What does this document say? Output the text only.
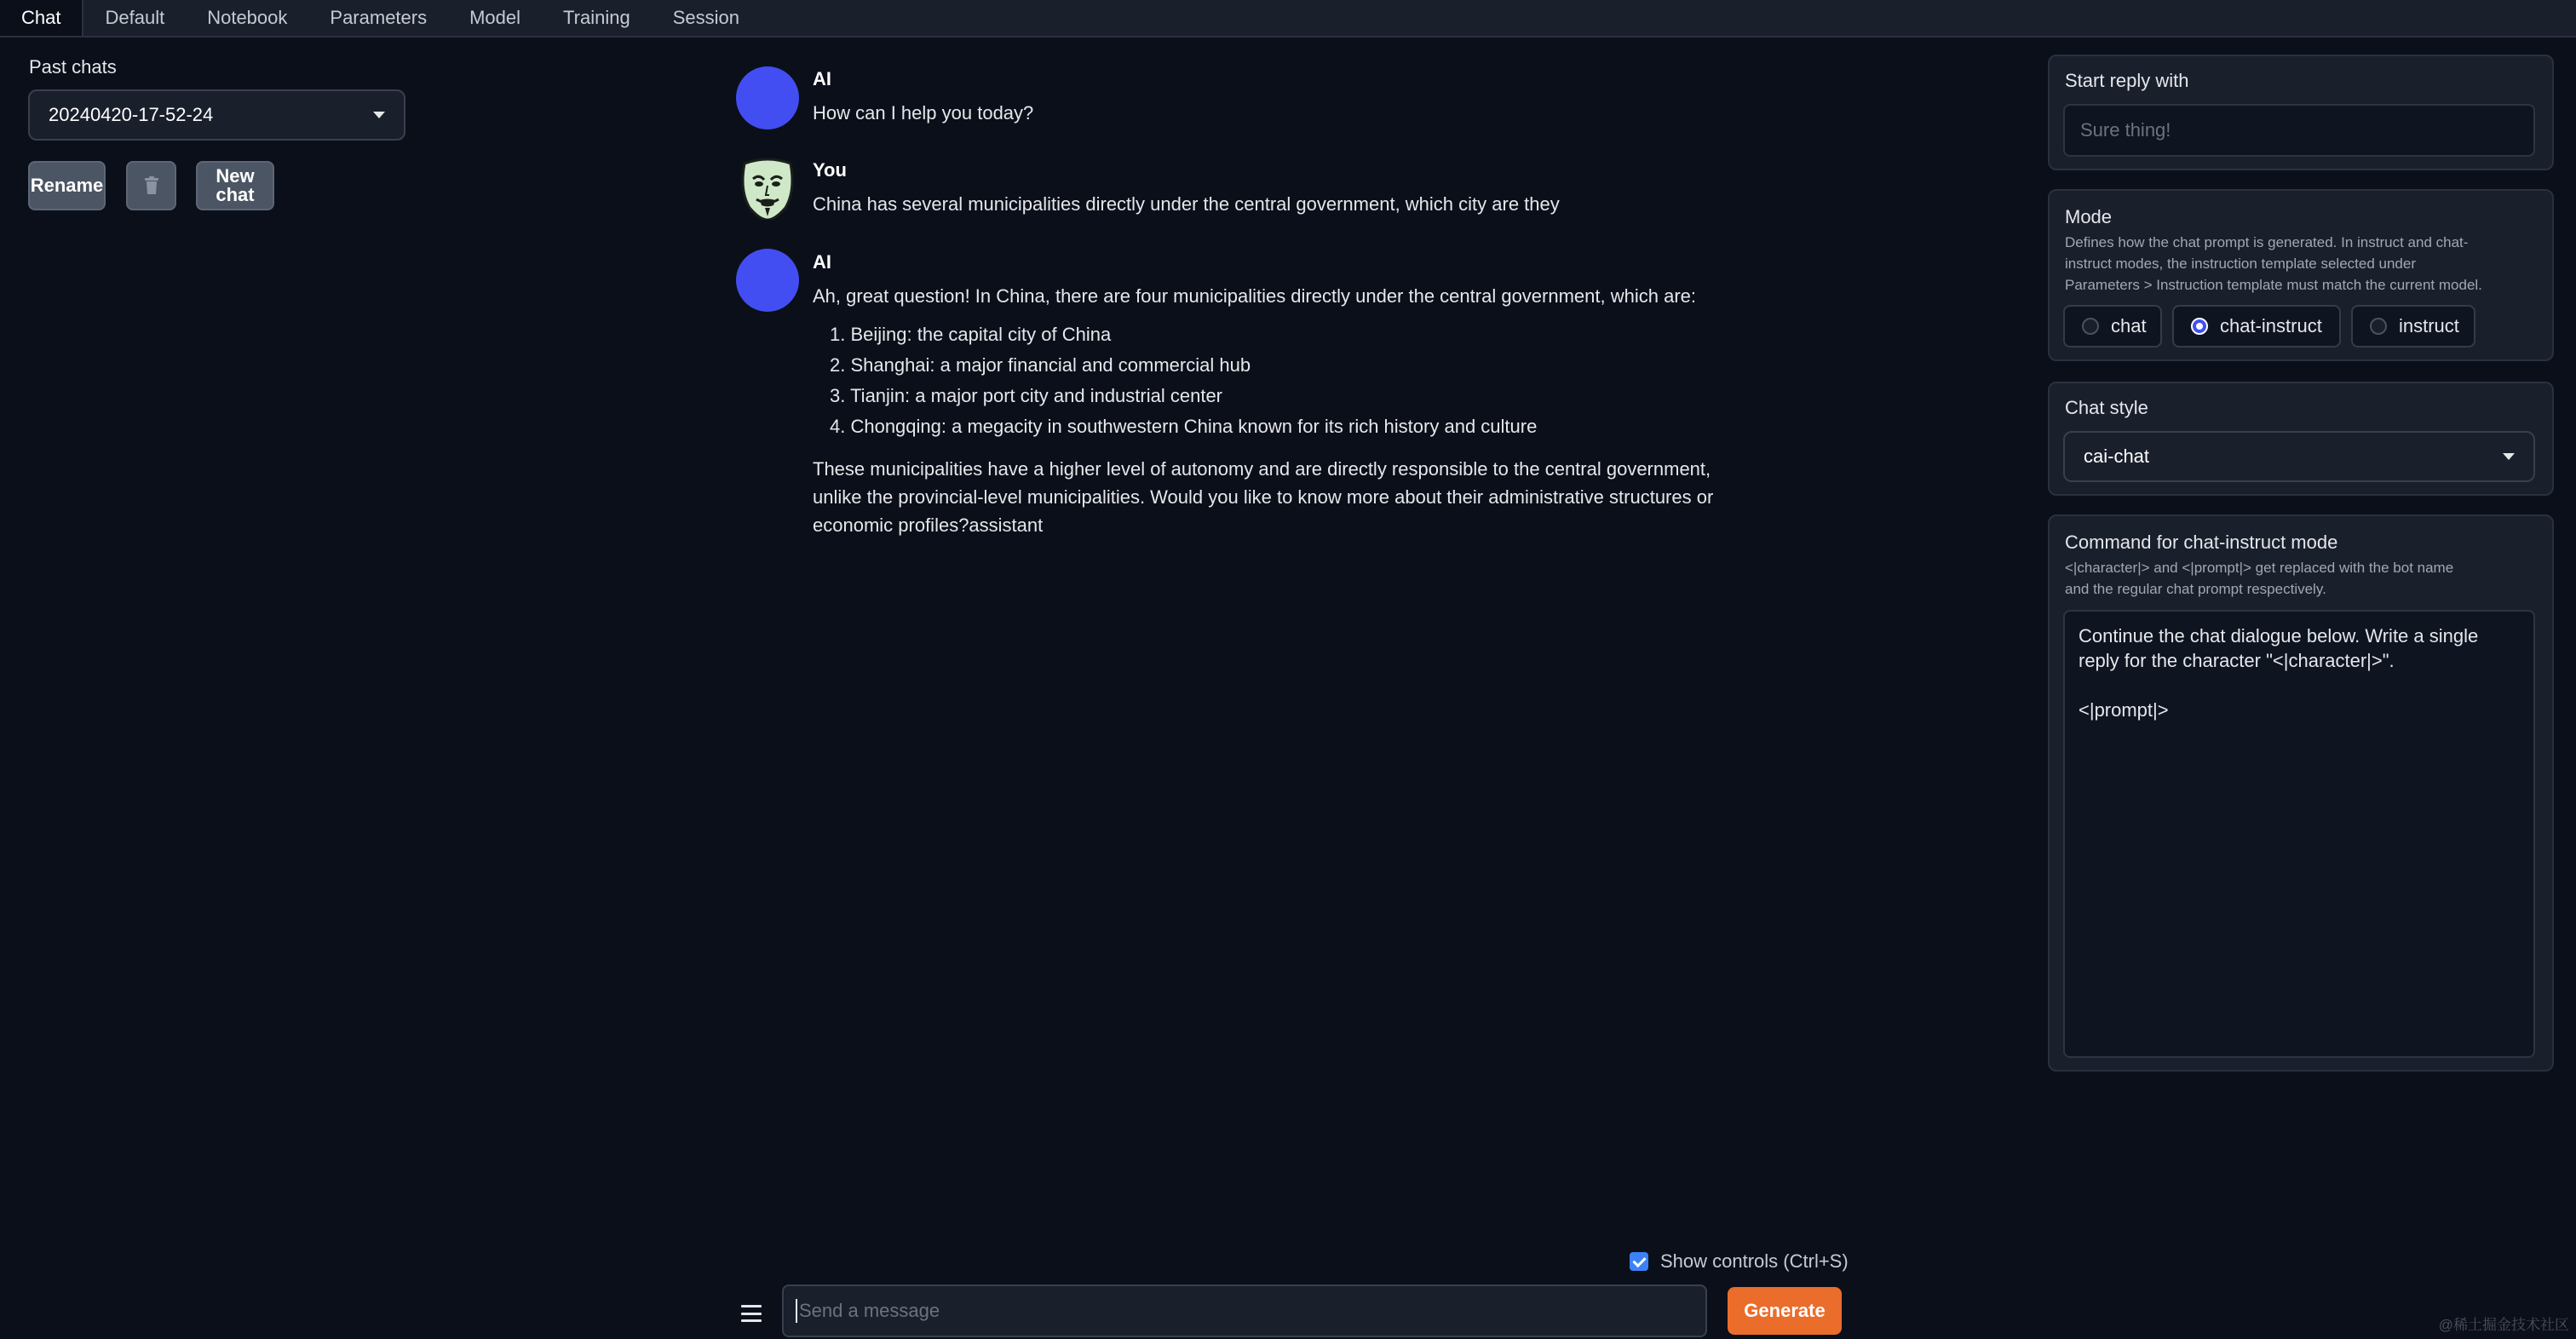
Chat	Default	Notebook	Parameters	Model	Training	Session
Past chats
20240420-17-52-24
Rename	New
chat
AI
How can I help you today?
You
China has several municipalities directly under the central government, which city are they
AI
Ah, great question! In China, there are four municipalities directly under the central government, which are:
1. Beijing: the capital city of China
2. Shanghai: a major financial and commercial hub
3. Tianjin: a major port city and industrial center
4. Chongqing: a megacity in southwestern China known for its rich history and culture
These municipalities have a higher level of autonomy and are directly responsible to the central government,
unlike the provincial-level municipalities. Would you like to know more about their administrative structures or
economic profiles?assistant
Start reply with
Sure thing!
Mode
Defines how the chat prompt is generated. In instruct and chat-
instruct modes, the instruction template selected under
Parameters > Instruction template must match the current model.
chat	chat-instruct	instruct
Chat style
cai-chat
Command for chat-instruct mode
<|character|> and <|prompt|> get replaced with the bot name
and the regular chat prompt respectively.
Continue the chat dialogue below. Write a single
reply for the character "<|character|>".

<|prompt|>
Show controls (Ctrl+S)
Send a message	Generate
@稀土掘金技术社区
